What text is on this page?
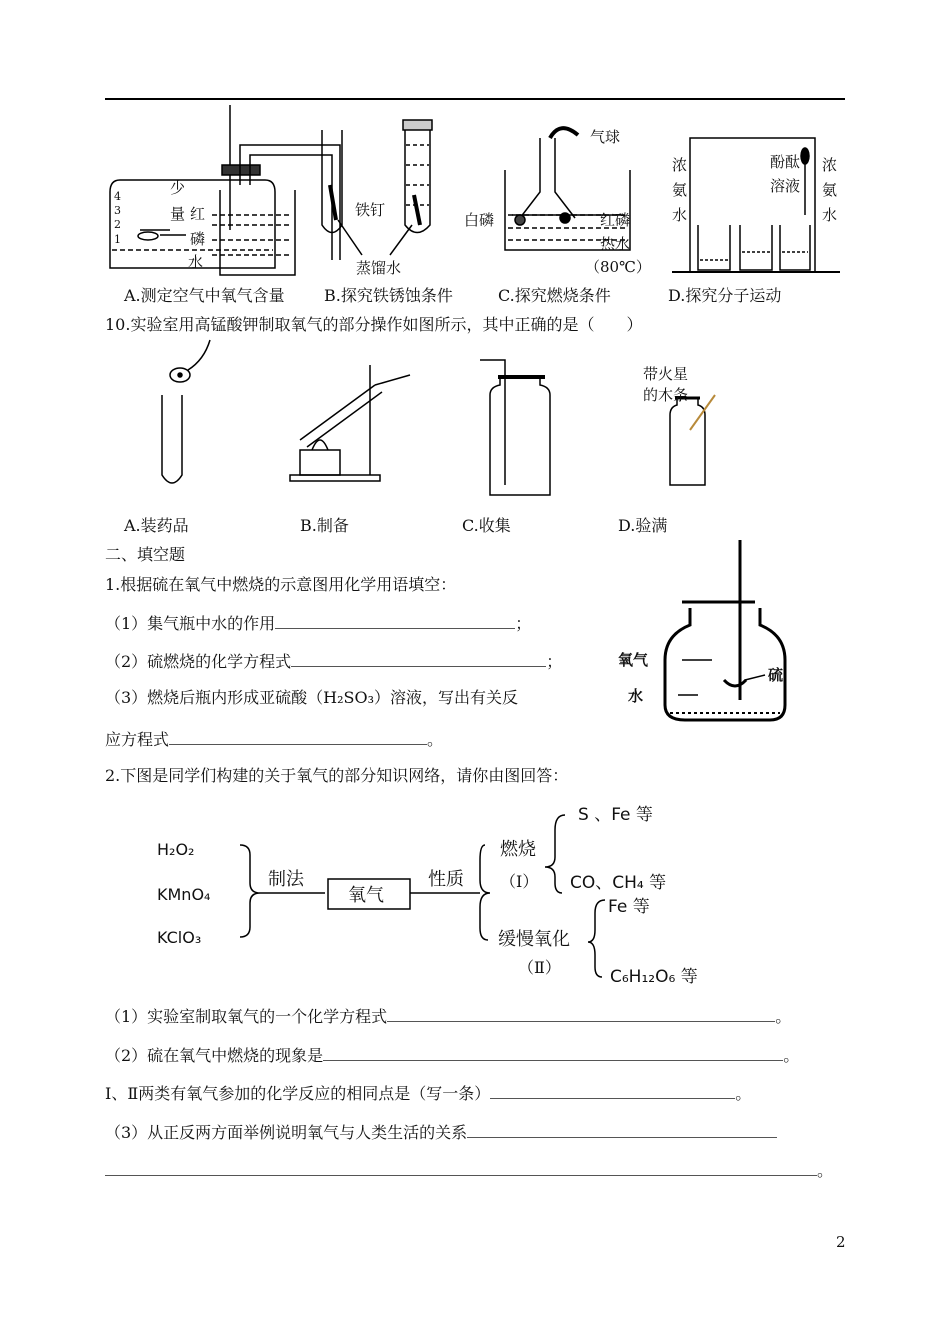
少
量 红
磷
水
4
3
2
1
铁钉
蒸馏水
气球
白磷	红磷
热水
（80℃）
浓
氨
水
酚酞
溶液
浓
氨
水
A.测定空气中氧气含量 B.探究铁锈蚀条件	C.探究燃烧条件	D.探究分子运动
10.实验室用高锰酸钾制取氧气的部分操作如图所示，其中正确的是（　　）
带火星
的木条
A.装药品	B.制备	C.收集	D.验满
二、填空题
1.根据硫在氧气中燃烧的示意图用化学用语填空：
（1）集气瓶中水的作用	；
（2）硫燃烧的化学方程式	；
（3）燃烧后瓶内形成亚硫酸（H₂SO₃）溶液，写出有关反
应方程式	。
氧气
硫
水
2.下图是同学们构建的关于氧气的部分知识网络，请你由图回答：
H₂O₂
KMnO₄
KClO₃
制法
氧气
性质
燃烧
（Ⅰ）
S 、Fe 等
CO、CH₄ 等
缓慢氧化
（Ⅱ）
Fe 等
C₆H₁₂O₆ 等
（1）实验室制取氧气的一个化学方程式	。
（2）硫在氧气中燃烧的现象是	。
Ⅰ、Ⅱ两类有氧气参加的化学反应的相同点是（写一条）	。
（3）从正反两方面举例说明氧气与人类生活的关系
。
2
